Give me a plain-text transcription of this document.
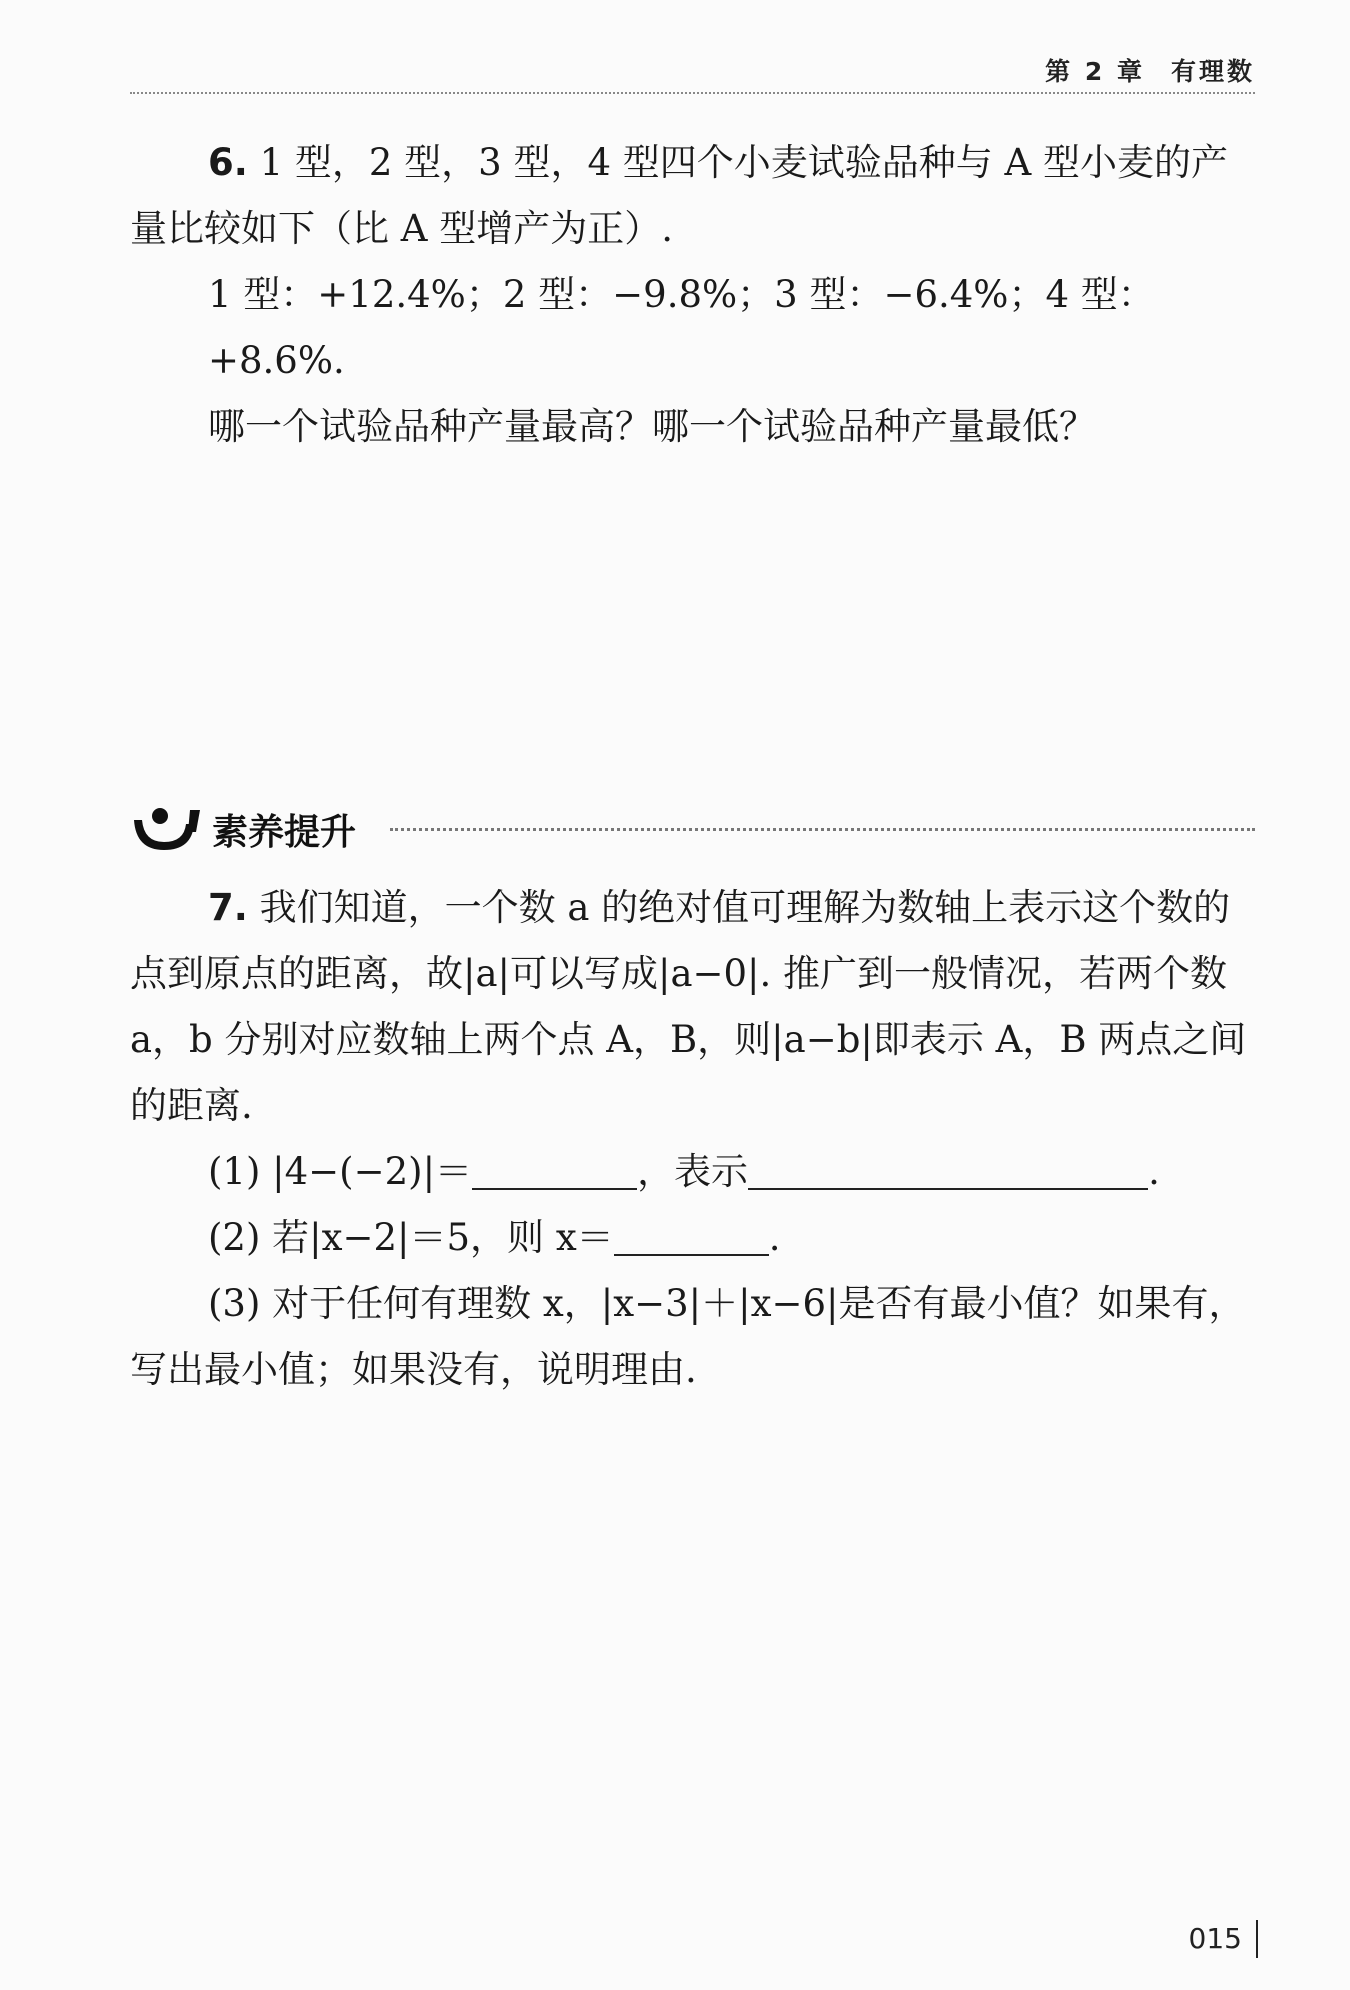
第 2 章 有理数

6. 1 型，2 型，3 型，4 型四个小麦试验品种与 A 型小麦的产量比较如下（比 A 型增产为正）.

1 型：+12.4%；2 型：−9.8%；3 型：−6.4%；4 型：+8.6%.

哪一个试验品种产量最高？哪一个试验品种产量最低？

素养提升

7. 我们知道，一个数 a 的绝对值可理解为数轴上表示这个数的点到原点的距离，故|a|可以写成|a−0|. 推广到一般情况，若两个数 a，b 分别对应数轴上两个点 A，B，则|a−b|即表示 A，B 两点之间的距离.

(1) |4−(−2)|＝	，表示	.

(2) 若|x−2|＝5，则 x＝	.

(3) 对于任何有理数 x，|x−3|＋|x−6|是否有最小值？如果有，写出最小值；如果没有，说明理由.

015
